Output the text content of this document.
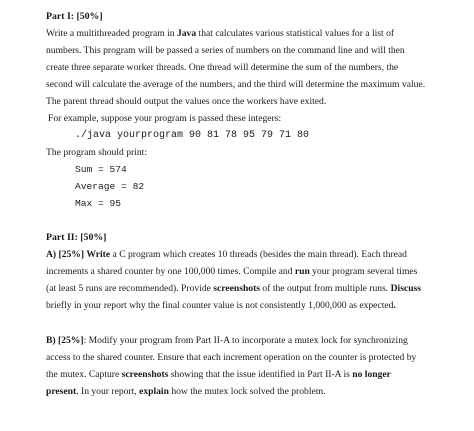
Part I: [50%]
Write a multithreaded program in Java that calculates various statistical values for a list of
numbers. This program will be passed a series of numbers on the command line and will then
create three separate worker threads. One thread will determine the sum of the numbers, the
second will calculate the average of the numbers, and the third will determine the maximum value.
The parent thread should output the values once the workers have exited.
For example, suppose your program is passed these integers:
./java yourprogram 90 81 78 95 79 71 80
The program should print:
Sum = 574
Average = 82
Max = 95
Part II: [50%]
A) [25%] Write a C program which creates 10 threads (besides the main thread). Each thread
increments a shared counter by one 100,000 times. Compile and run your program several times
(at least 5 runs are recommended). Provide screenshots of the output from multiple runs. Discuss
briefly in your report why the final counter value is not consistently 1,000,000 as expected.
B) [25%]: Modify your program from Part II-A to incorporate a mutex lock for synchronizing
access to the shared counter. Ensure that each increment operation on the counter is protected by
the mutex. Capture screenshots showing that the issue identified in Part II-A is no longer
present. In your report, explain how the mutex lock solved the problem.
